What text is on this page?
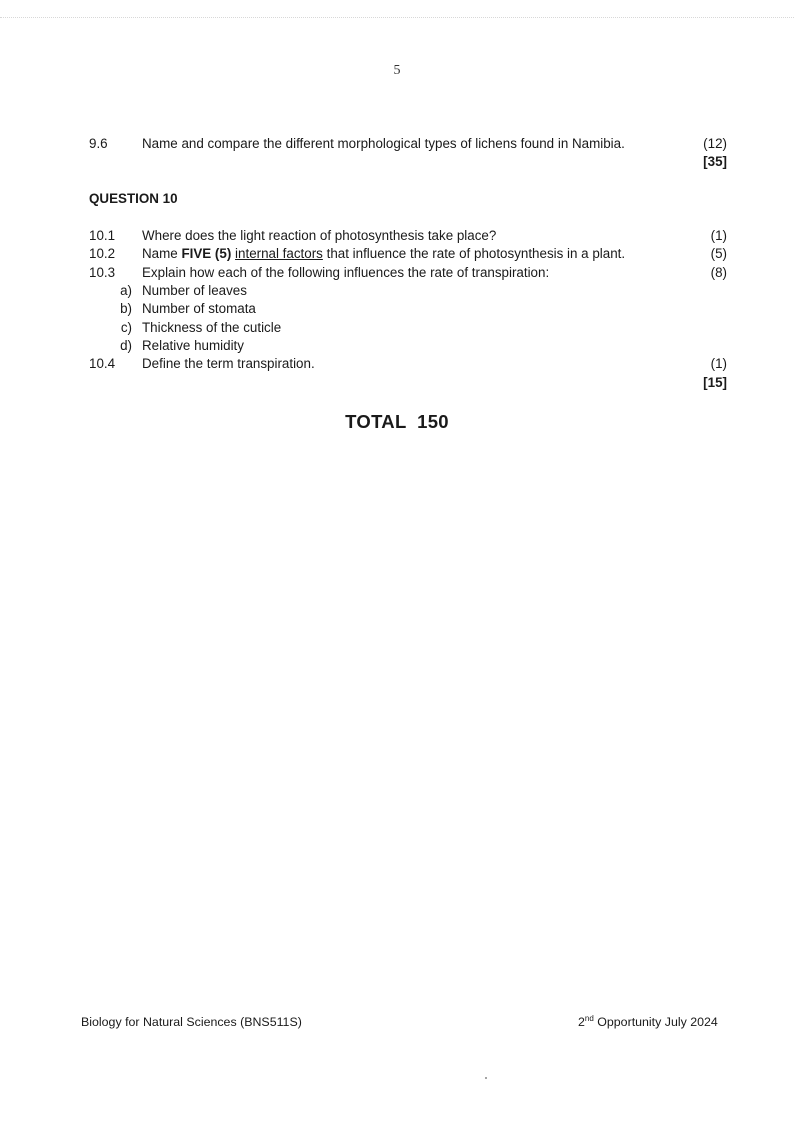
5
9.6	Name and compare the different morphological types of lichens found in Namibia.	(12)
[35]
QUESTION 10
10.1 Where does the light reaction of photosynthesis take place?	(1)
10.2 Name FIVE (5) internal factors that influence the rate of photosynthesis in a plant.	(5)
10.3 Explain how each of the following influences the rate of transpiration:	(8)
a) Number of leaves
b) Number of stomata
c) Thickness of the cuticle
d) Relative humidity
10.4 Define the term transpiration.	(1)
[15]
TOTAL  150
Biology for Natural Sciences (BNS511S)	2nd Opportunity July 2024
